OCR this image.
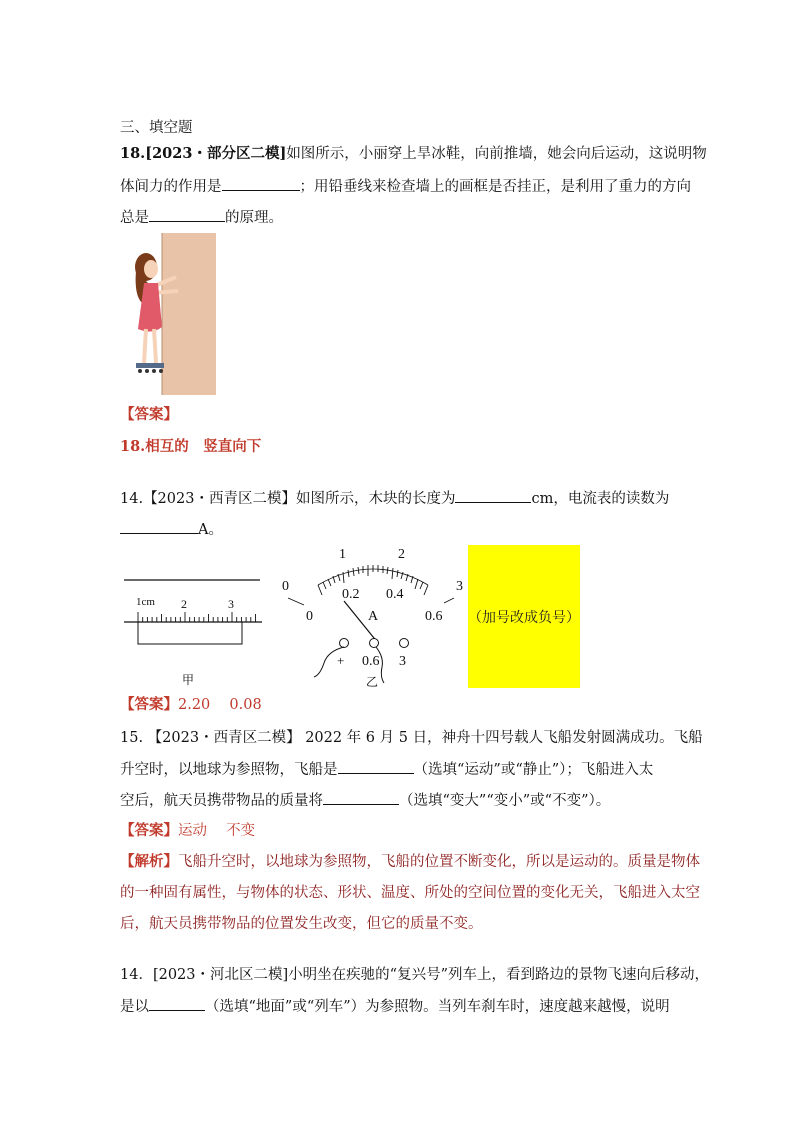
三、填空题
18.[2023・部分区二模]如图所示，小丽穿上旱冰鞋，向前推墙，她会向后运动，这说明物
体间力的作用是	；用铅垂线来检查墙上的画框是否挂正，是利用了重力的方向
总是	的原理。
【答案】
18.相互的　竖直向下
14.【2023・西青区二模】如图所示，木块的长度为	cm，电流表的读数为
A。
1cm 2	3
甲
0
1	2
3
0
0.2 0.4
0.6
A
+ 0.6 3
乙
（加号改成负号）
【答案】2.20　 0.08
15. 【2023・西青区二模】 2022 年 6 月 5 日，神舟十四号载人飞船发射圆满成功。飞船
升空时，以地球为参照物，飞船是	（选填“运动”或“静止”）；飞船进入太
空后，航天员携带物品的质量将	（选填“变大”“变小”或“不变”）。
【答案】运动　 不变
【解析】飞船升空时，以地球为参照物，飞船的位置不断变化，所以是运动的。质量是物体
的一种固有属性，与物体的状态、形状、温度、所处的空间位置的变化无关，飞船进入太空
后，航天员携带物品的位置发生改变，但它的质量不变。
14．[2023・河北区二模]小明坐在疾驰的“复兴号”列车上，看到路边的景物飞速向后移动，
是以	（选填“地面”或“列车”）为参照物。当列车刹车时，速度越来越慢，说明
